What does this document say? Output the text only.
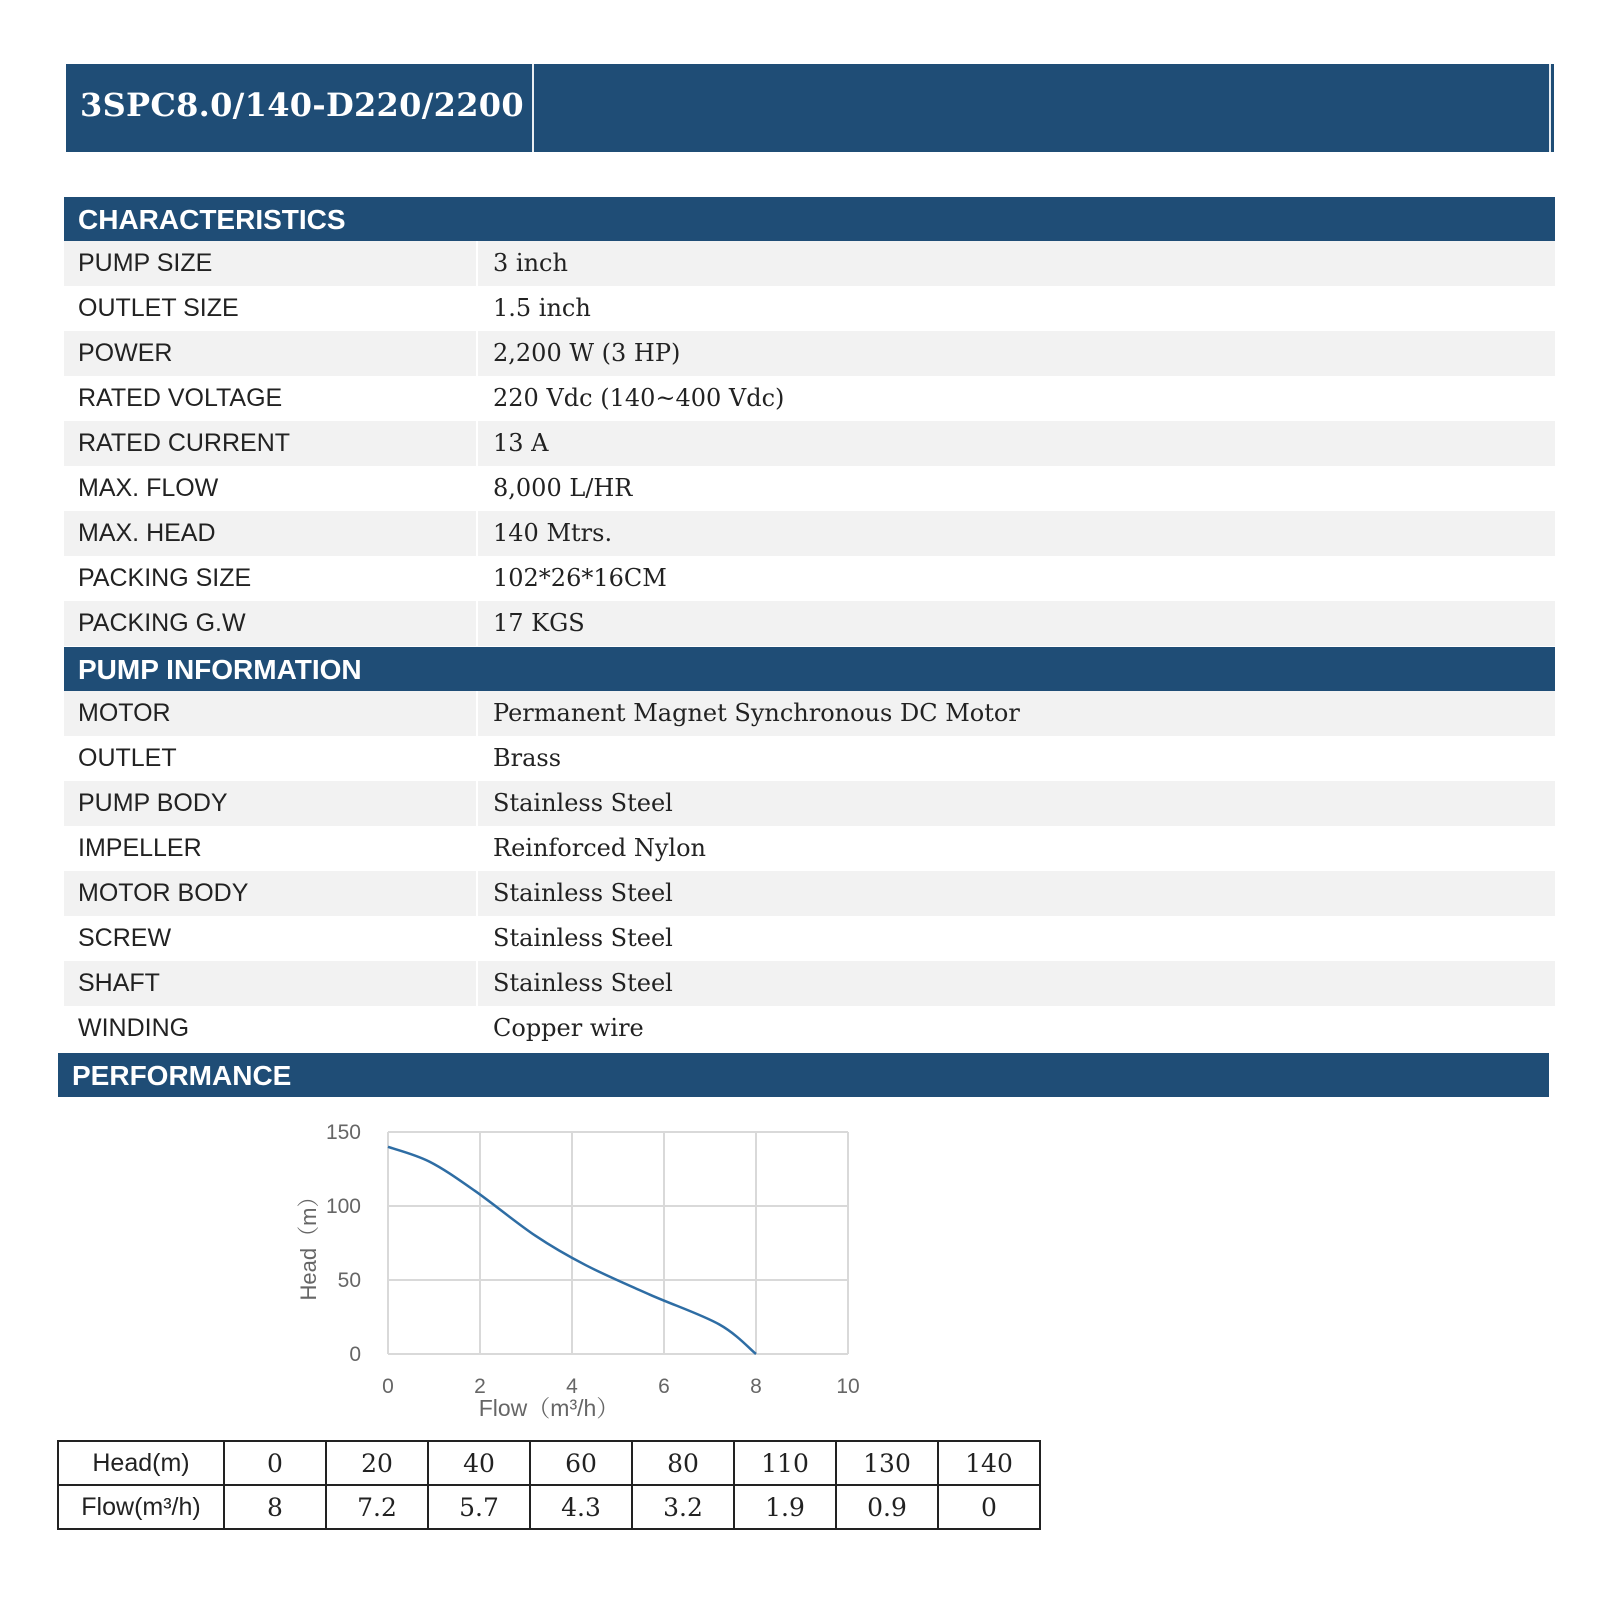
3SPC8.0/140-D220/2200
CHARACTERISTICS
PUMP SIZE	3 inch
OUTLET SIZE	1.5 inch
POWER	2,200 W (3 HP)
RATED VOLTAGE	220 Vdc (140~400 Vdc)
RATED CURRENT	13 A
MAX. FLOW	8,000 L/HR
MAX. HEAD	140 Mtrs.
PACKING SIZE	102*26*16CM
PACKING G.W	17 KGS
PUMP INFORMATION
MOTOR	Permanent Magnet Synchronous DC Motor
OUTLET	Brass
PUMP BODY	Stainless Steel
IMPELLER	Reinforced Nylon
MOTOR BODY	Stainless Steel
SCREW	Stainless Steel
SHAFT	Stainless Steel
WINDING	Copper wire
PERFORMANCE
0
50
100
150
0	2	4	6	8	10
Head（m）
Flow（m³/h）
Head(m)	0	20	40	60	80	110	130	140
Flow(m³/h)	8	7.2	5.7	4.3	3.2	1.9	0.9	0
